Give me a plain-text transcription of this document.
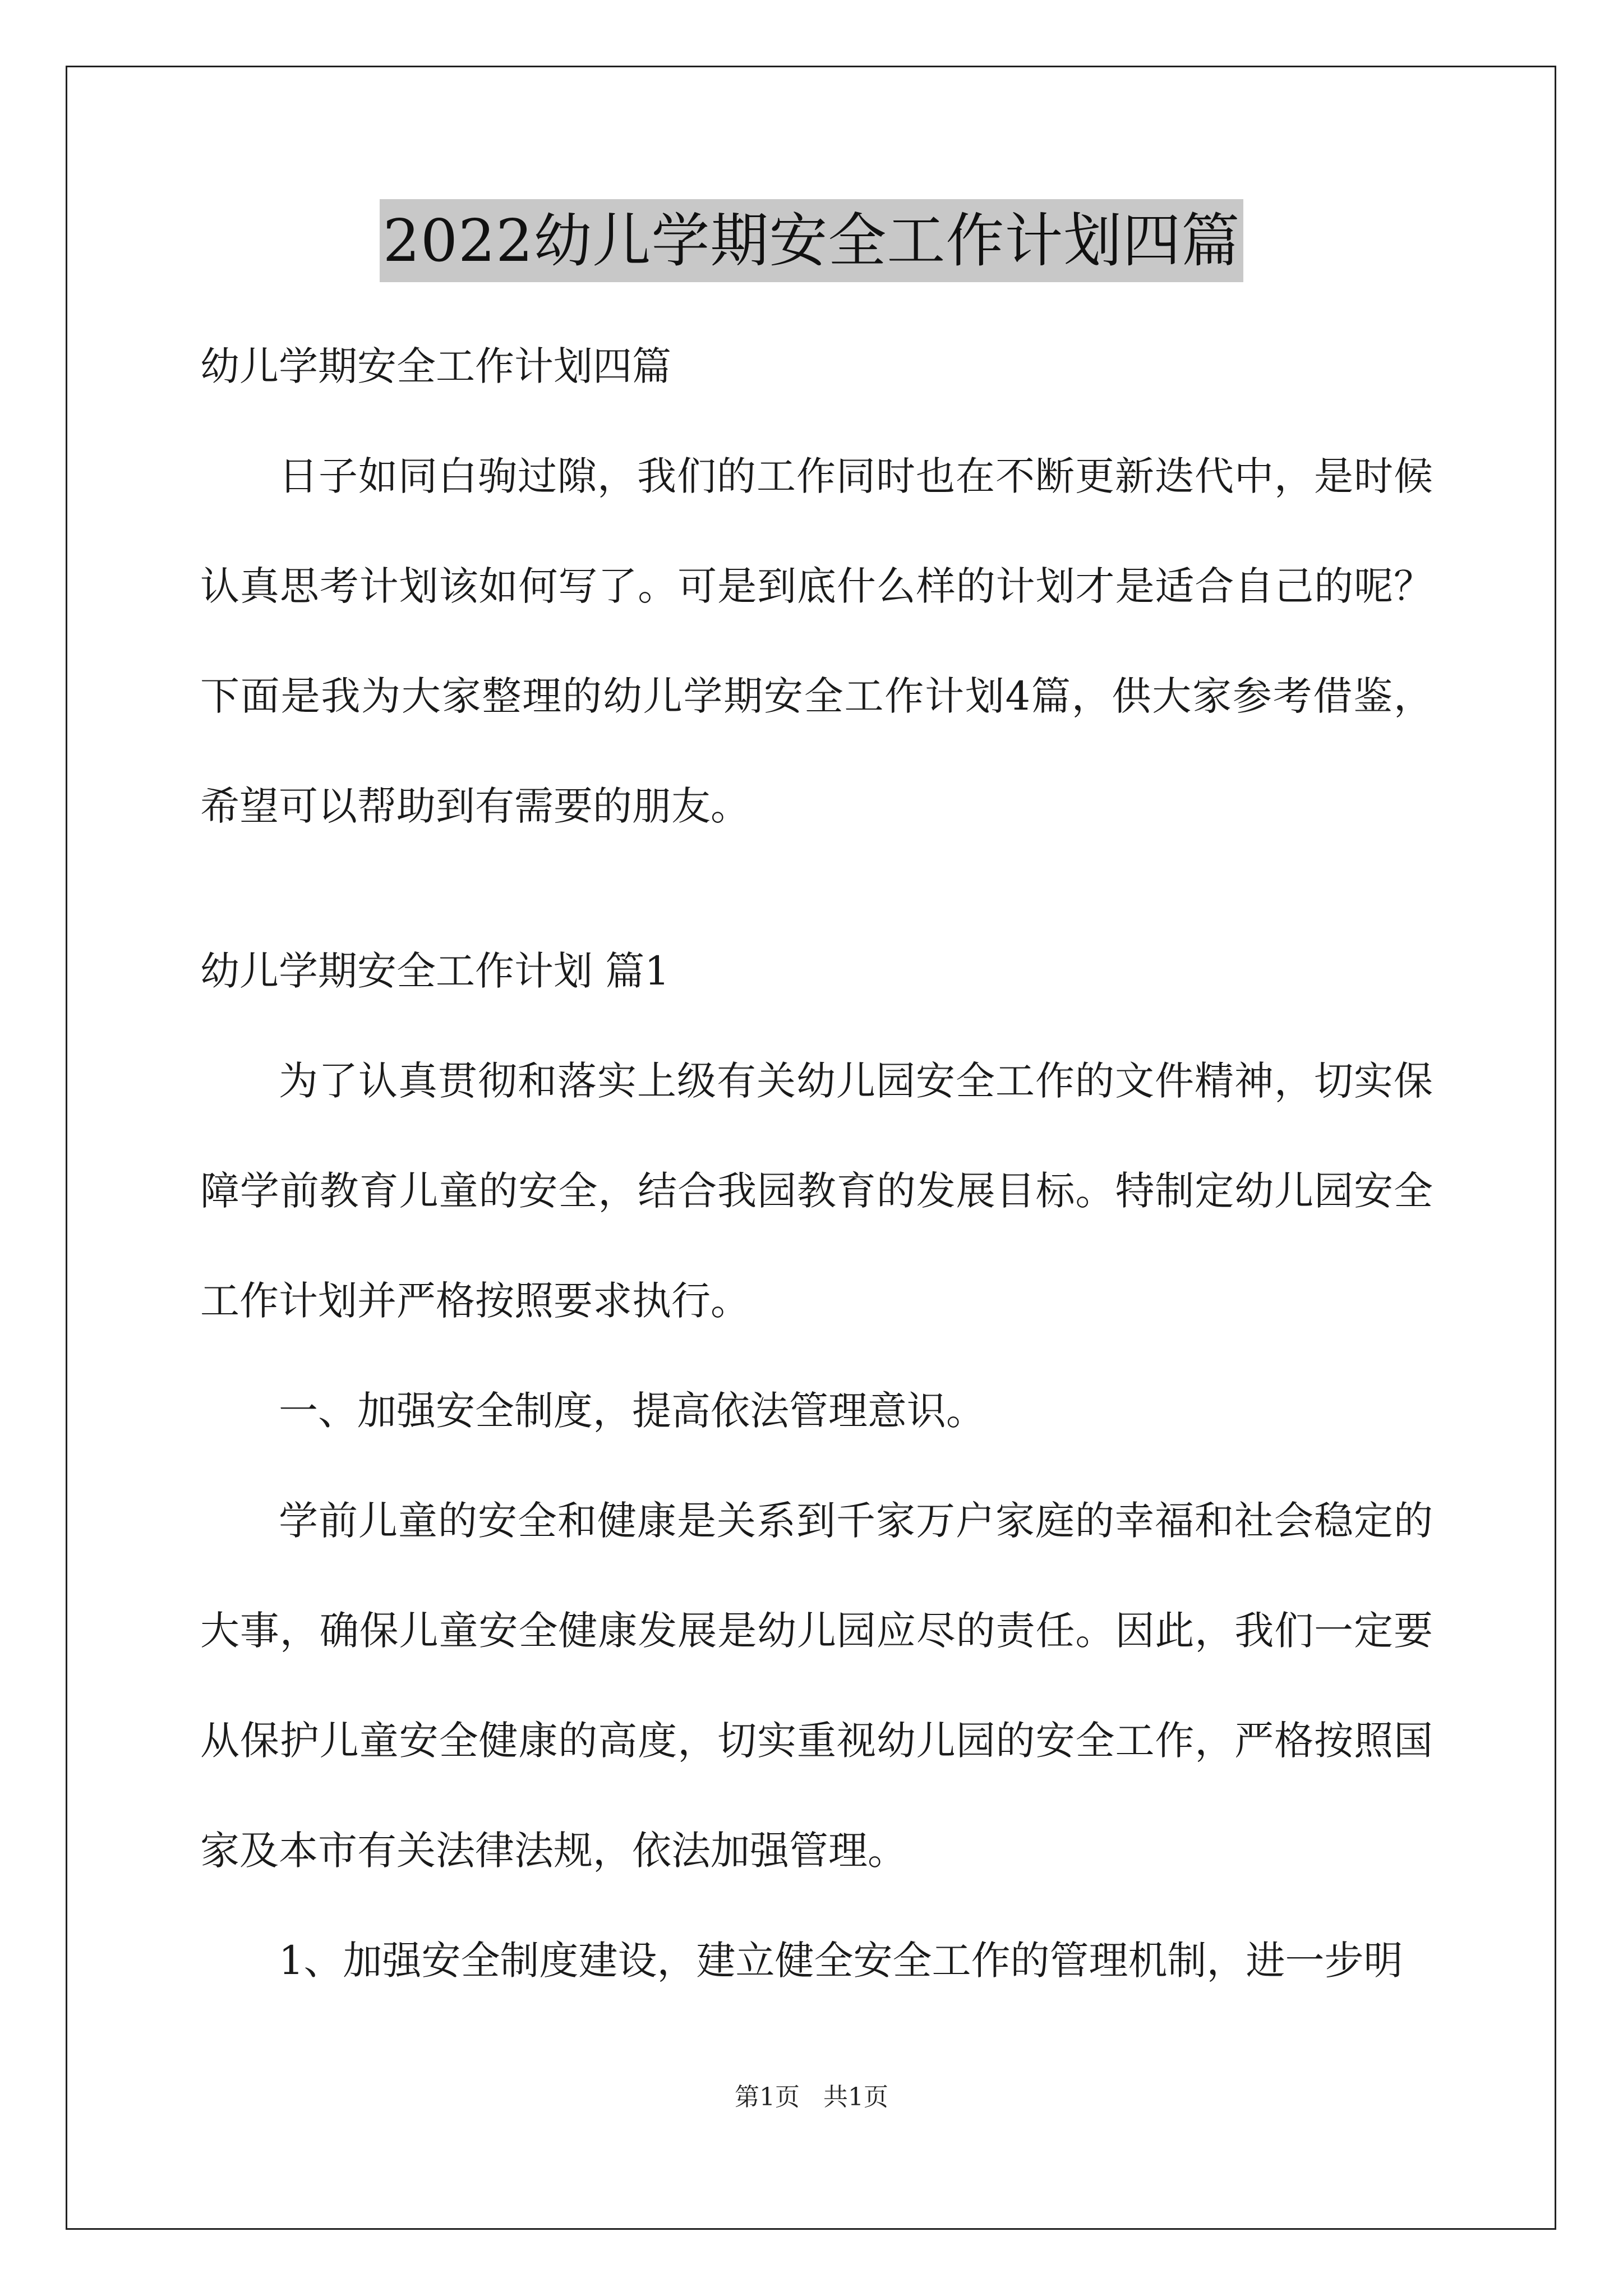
2022幼儿学期安全工作计划四篇

幼儿学期安全工作计划四篇

日子如同白驹过隙，我们的工作同时也在不断更新迭代中，是时候认真思考计划该如何写了。可是到底什么样的计划才是适合自己的呢？下面是我为大家整理的幼儿学期安全工作计划4篇，供大家参考借鉴，希望可以帮助到有需要的朋友。

幼儿学期安全工作计划 篇1

为了认真贯彻和落实上级有关幼儿园安全工作的文件精神，切实保障学前教育儿童的安全，结合我园教育的发展目标。特制定幼儿园安全工作计划并严格按照要求执行。

一、加强安全制度，提高依法管理意识。

学前儿童的安全和健康是关系到千家万户家庭的幸福和社会稳定的大事，确保儿童安全健康发展是幼儿园应尽的责任。因此，我们一定要从保护儿童安全健康的高度，切实重视幼儿园的安全工作，严格按照国家及本市有关法律法规，依法加强管理。

1、加强安全制度建设，建立健全安全工作的管理机制，进一步明

第1页 共1页
